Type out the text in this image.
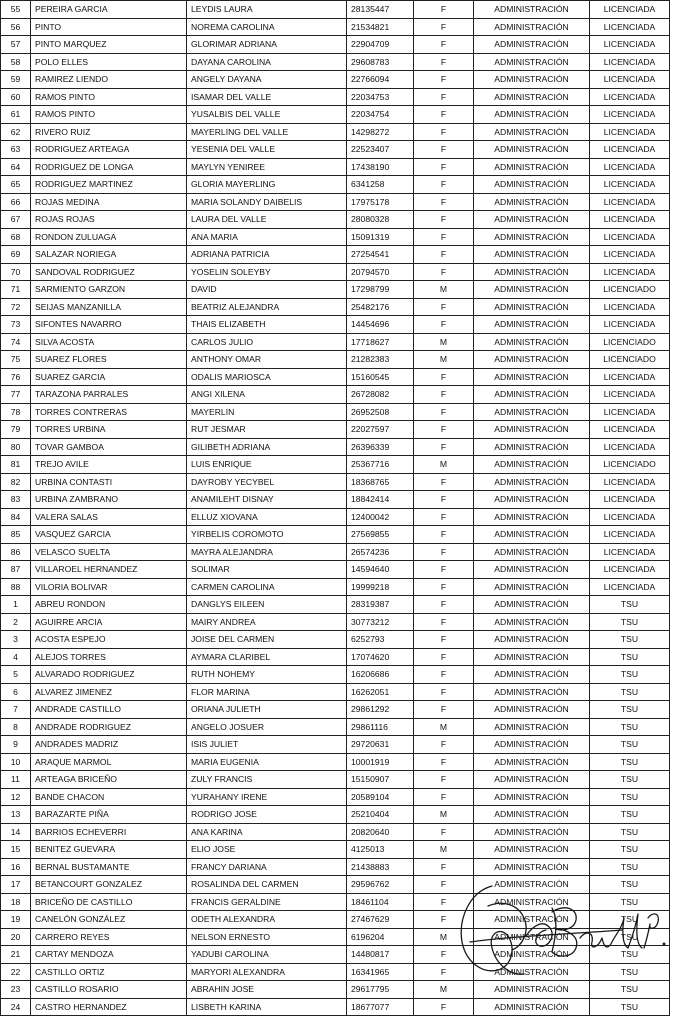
55	PEREIRA GARCIA	LEYDIS LAURA	28135447	F	ADMINISTRACIÓN	LICENCIADA
56	PINTO	NOREMA CAROLINA	21534821	F	ADMINISTRACIÓN	LICENCIADA
57	PINTO MARQUEZ	GLORIMAR ADRIANA	22904709	F	ADMINISTRACIÓN	LICENCIADA
58	POLO ELLES	DAYANA CAROLINA	29608783	F	ADMINISTRACIÓN	LICENCIADA
59	RAMIREZ LIENDO	ANGELY DAYANA	22766094	F	ADMINISTRACIÓN	LICENCIADA
60	RAMOS PINTO	ISAMAR DEL VALLE	22034753	F	ADMINISTRACIÓN	LICENCIADA
61	RAMOS PINTO	YUSALBIS DEL VALLE	22034754	F	ADMINISTRACIÓN	LICENCIADA
62	RIVERO RUIZ	MAYERLING DEL VALLE	14298272	F	ADMINISTRACIÓN	LICENCIADA
63	RODRIGUEZ ARTEAGA	YESENIA DEL VALLE	22523407	F	ADMINISTRACIÓN	LICENCIADA
64	RODRIGUEZ DE LONGA	MAYLYN YENIREE	17438190	F	ADMINISTRACIÓN	LICENCIADA
65	RODRIGUEZ MARTINEZ	GLORIA MAYERLING	6341258	F	ADMINISTRACIÓN	LICENCIADA
66	ROJAS MEDINA	MARIA SOLANDY DAIBELIS	17975178	F	ADMINISTRACIÓN	LICENCIADA
67	ROJAS ROJAS	LAURA DEL VALLE	28080328	F	ADMINISTRACIÓN	LICENCIADA
68	RONDON ZULUAGA	ANA MARIA	15091319	F	ADMINISTRACIÓN	LICENCIADA
69	SALAZAR NORIEGA	ADRIANA PATRICIA	27254541	F	ADMINISTRACIÓN	LICENCIADA
70	SANDOVAL RODRIGUEZ	YOSELIN SOLEYBY	20794570	F	ADMINISTRACIÓN	LICENCIADA
71	SARMIENTO GARZON	DAVID	17298799	M	ADMINISTRACIÓN	LICENCIADO
72	SEIJAS MANZANILLA	BEATRIZ ALEJANDRA	25482176	F	ADMINISTRACIÓN	LICENCIADA
73	SIFONTES NAVARRO	THAIS ELIZABETH	14454696	F	ADMINISTRACIÓN	LICENCIADA
74	SILVA ACOSTA	CARLOS JULIO	17718627	M	ADMINISTRACIÓN	LICENCIADO
75	SUAREZ FLORES	ANTHONY OMAR	21282383	M	ADMINISTRACIÓN	LICENCIADO
76	SUAREZ GARCIA	ODALIS MARIOSCA	15160545	F	ADMINISTRACIÓN	LICENCIADA
77	TARAZONA PARRALES	ANGI XILENA	26728082	F	ADMINISTRACIÓN	LICENCIADA
78	TORRES CONTRERAS	MAYERLIN	26952508	F	ADMINISTRACIÓN	LICENCIADA
79	TORRES URBINA	RUT JESMAR	22027597	F	ADMINISTRACIÓN	LICENCIADA
80	TOVAR GAMBOA	GILIBETH ADRIANA	26396339	F	ADMINISTRACIÓN	LICENCIADA
81	TREJO AVILE	LUIS ENRIQUE	25367716	M	ADMINISTRACIÓN	LICENCIADO
82	URBINA CONTASTI	DAYROBY YECYBEL	18368765	F	ADMINISTRACIÓN	LICENCIADA
83	URBINA ZAMBRANO	ANAMILEHT DISNAY	18842414	F	ADMINISTRACIÓN	LICENCIADA
84	VALERA SALAS	ELLUZ XIOVANA	12400042	F	ADMINISTRACIÓN	LICENCIADA
85	VASQUEZ GARCIA	YIRBELIS COROMOTO	27569855	F	ADMINISTRACIÓN	LICENCIADA
86	VELASCO SUELTA	MAYRA ALEJANDRA	26574236	F	ADMINISTRACIÓN	LICENCIADA
87	VILLAROEL HERNANDEZ	SOLIMAR	14594640	F	ADMINISTRACIÓN	LICENCIADA
88	VILORIA BOLIVAR	CARMEN CAROLINA	19999218	F	ADMINISTRACIÓN	LICENCIADA
1	ABREU RONDON	DANGLYS EILEEN	28319387	F	ADMINISTRACIÓN	TSU
2	AGUIRRE ARCIA	MAIRY ANDREA	30773212	F	ADMINISTRACIÓN	TSU
3	ACOSTA ESPEJO	JOISE DEL CARMEN	6252793	F	ADMINISTRACIÓN	TSU
4	ALEJOS TORRES	AYMARA CLARIBEL	17074620	F	ADMINISTRACIÓN	TSU
5	ALVARADO RODRIGUEZ	RUTH NOHEMY	16206686	F	ADMINISTRACIÓN	TSU
6	ALVAREZ JIMENEZ	FLOR MARINA	16262051	F	ADMINISTRACIÓN	TSU
7	ANDRADE CASTILLO	ORIANA JULIETH	29861292	F	ADMINISTRACIÓN	TSU
8	ANDRADE RODRIGUEZ	ANGELO JOSUER	29861116	M	ADMINISTRACIÓN	TSU
9	ANDRADES MADRIZ	ISIS JULIET	29720631	F	ADMINISTRACIÓN	TSU
10	ARAQUE MARMOL	MARIA EUGENIA	10001919	F	ADMINISTRACIÓN	TSU
11	ARTEAGA BRICEÑO	ZULY FRANCIS	15150907	F	ADMINISTRACIÓN	TSU
12	BANDE CHACON	YURAHANY IRENE	20589104	F	ADMINISTRACIÓN	TSU
13	BARAZARTE PIÑA	RODRIGO JOSE	25210404	M	ADMINISTRACIÓN	TSU
14	BARRIOS ECHEVERRI	ANA KARINA	20820640	F	ADMINISTRACIÓN	TSU
15	BENITEZ GUEVARA	ELIO JOSE	4125013	M	ADMINISTRACIÓN	TSU
16	BERNAL BUSTAMANTE	FRANCY DARIANA	21438883	F	ADMINISTRACIÓN	TSU
17	BETANCOURT GONZALEZ	ROSALINDA DEL CARMEN	29596762	F	ADMINISTRACIÓN	TSU
18	BRICEÑO DE CASTILLO	FRANCIS GERALDINE	18461104	F	ADMINISTRACIÓN	TSU
19	CANELÓN GONZÁLEZ	ODETH ALEXANDRA	27467629	F	ADMINISTRACIÓN	TSU
20	CARRERO REYES	NELSON ERNESTO	6196204	M	ADMINISTRACIÓN	TSU
21	CARTAY MENDOZA	YADUBI CAROLINA	14480817	F	ADMINISTRACIÓN	TSU
22	CASTILLO ORTIZ	MARYORI ALEXANDRA	16341965	F	ADMINISTRACIÓN	TSU
23	CASTILLO ROSARIO	ABRAHIN JOSE	29617795	M	ADMINISTRACIÓN	TSU
24	CASTRO HERNANDEZ	LISBETH KARINA	18677077	F	ADMINISTRACIÓN	TSU
